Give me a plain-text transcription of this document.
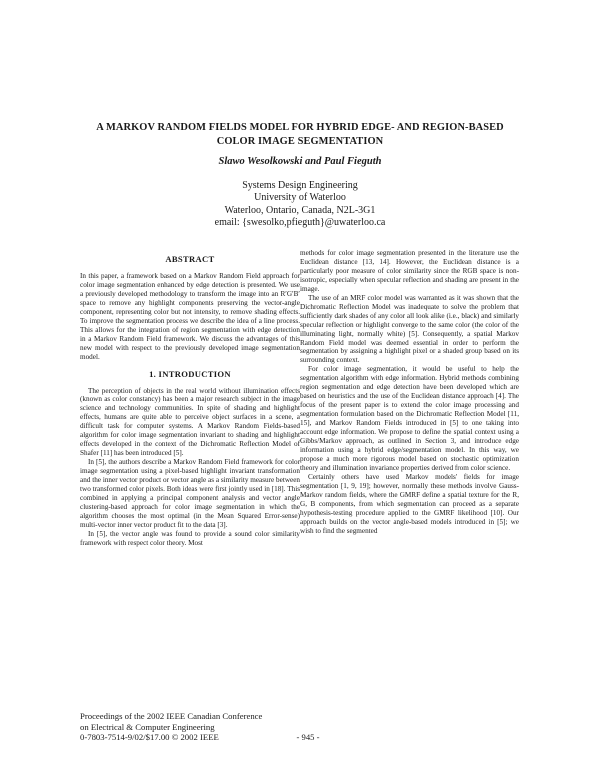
A MARKOV RANDOM FIELDS MODEL FOR HYBRID EDGE- AND REGION-BASED
COLOR IMAGE SEGMENTATION
Slawo Wesolkowski and Paul Fieguth
Systems Design Engineering
University of Waterloo
Waterloo, Ontario, Canada, N2L-3G1
email: {swesolko,pfieguth}@uwaterloo.ca
ABSTRACT

In this paper, a framework based on a Markov Random Field approach for color image segmentation enhanced by edge detection is presented. We use a previously developed methodology to transform the image into an R′G′B′ space to remove any highlight components preserving the vector-angle component, representing color but not intensity, to remove shading effects. To improve the segmentation process we describe the idea of a line process. This allows for the integration of region segmentation with edge detection in a Markov Random Field framework. We discuss the advantages of this new model with respect to the previously developed image segmentation model.

1. INTRODUCTION

The perception of objects in the real world without illumination effects (known as color constancy) has been a major research subject in the image science and technology communities. In spite of shading and highlight effects, humans are quite able to perceive object surfaces in a scene, a difficult task for computer systems. A Markov Random Fields-based algorithm for color image segmentation invariant to shading and highlight effects developed in the context of the Dichromatic Reflection Model of Shafer [11] has been introduced [5].

In [5], the authors describe a Markov Random Field framework for color image segmentation using a pixel-based highlight invariant transformation and the inner vector product or vector angle as a similarity measure between two transformed color pixels. Both ideas were first jointly used in [18]. This combined in applying a principal component analysis and vector angle clustering-based approach for color image segmentation in which the algorithm chooses the most optimal (in the Mean Squared Error-sense) multi-vector inner vector product fit to the data [3].

In [5], the vector angle was found to provide a sound color similarity framework with respect color theory. Most

methods for color image segmentation presented in the literature use the Euclidean distance [13, 14]. However, the Euclidean distance is a particularly poor measure of color similarity since the RGB space is non-isotropic, especially when specular reflection and shading are present in the image.

The use of an MRF color model was warranted as it was shown that the Dichromatic Reflection Model was inadequate to solve the problem that sufficiently dark shades of any color all look alike (i.e., black) and similarly specular reflection or highlight converge to the same color (the color of the illuminating light, normally white) [5]. Consequently, a spatial Markov Random Field model was deemed essential in order to perform the segmentation by assigning a highlight pixel or a shaded group based on its surrounding context.

For color image segmentation, it would be useful to help the segmentation algorithm with edge information. Hybrid methods combining region segmentation and edge detection have been developed which are based on heuristics and the use of the Euclidean distance approach [4]. The focus of the present paper is to extend the color image processing and segmentation formulation based on the Dichromatic Reflection Model [11, 15], and Markov Random Fields introduced in [5] to one taking into account edge information. We propose to define the spatial context using a Gibbs/Markov approach, as outlined in Section 3, and introduce edge information using a hybrid edge/segmentation model. In this way, we propose a much more rigorous model based on stochastic optimization theory and illumination invariance properties derived from color science.

Certainly others have used Markov models' fields for image segmentation [1, 9, 19]; however, normally these methods involve Gauss-Markov random fields, where the GMRF define a spatial texture for the R, G, B components, from which segmentation can proceed as a separate hypothesis-testing procedure applied to the GMRF likelihood [10]. Our approach builds on the vector angle-based models introduced in [5]; we wish to find the segmented

Proceedings of the 2002 IEEE Canadian Conference
on Electrical & Computer Engineering
0-7803-7514-9/02/$17.00 © 2002 IEEE	- 945 -
